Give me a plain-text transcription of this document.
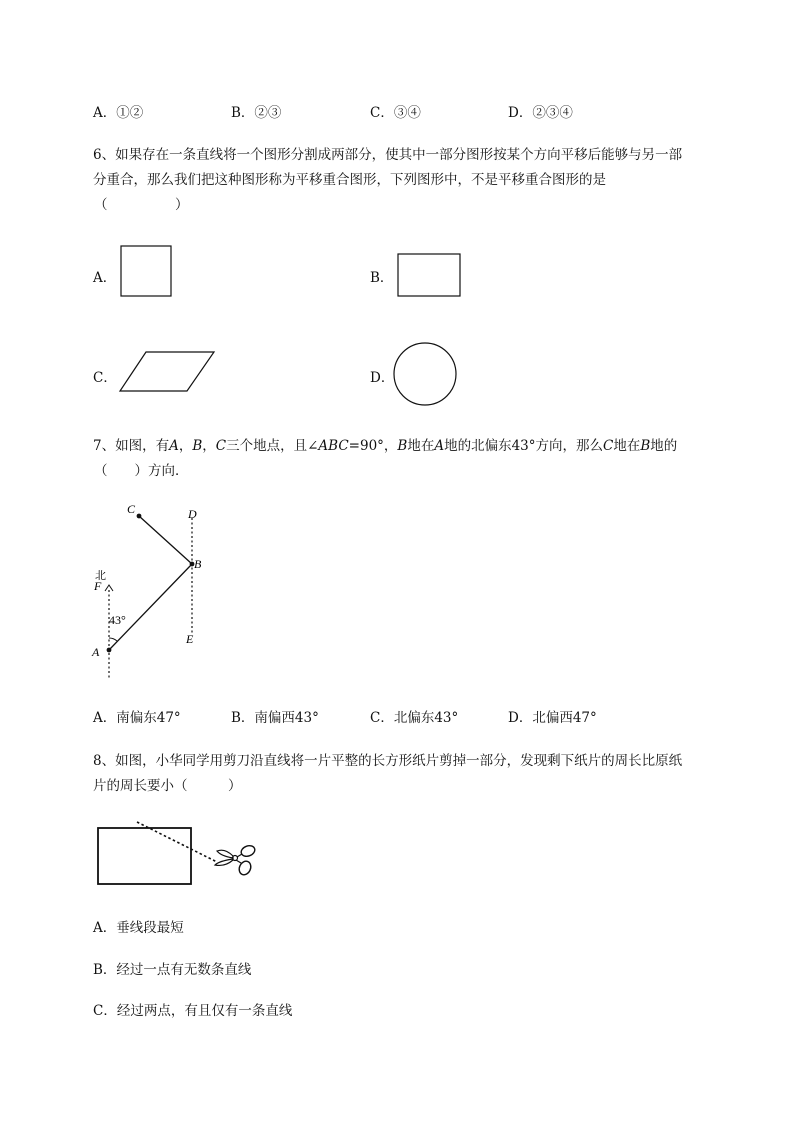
A．①②	B．②③	C．③④	D．②③④
6、如果存在一条直线将一个图形分割成两部分，使其中一部分图形按某个方向平移后能够与另一部
分重合，那么我们把这种图形称为平移重合图形，下列图形中，不是平移重合图形的是
（　　　　　）
A．	B．
C．	D．
7、如图，有A，B，C三个地点，且∠ABC=90°，B地在A地的北偏东43°方向，那么C地在B地的
（　　）方向．
C	D
B
北
F
43°
A
E
A．南偏东47°	B．南偏西43°	C．北偏东43°	D．北偏西47°
8、如图，小华同学用剪刀沿直线将一片平整的长方形纸片剪掉一部分，发现剩下纸片的周长比原纸
片的周长要小（　　　）
A．垂线段最短
B．经过一点有无数条直线
C．经过两点，有且仅有一条直线
